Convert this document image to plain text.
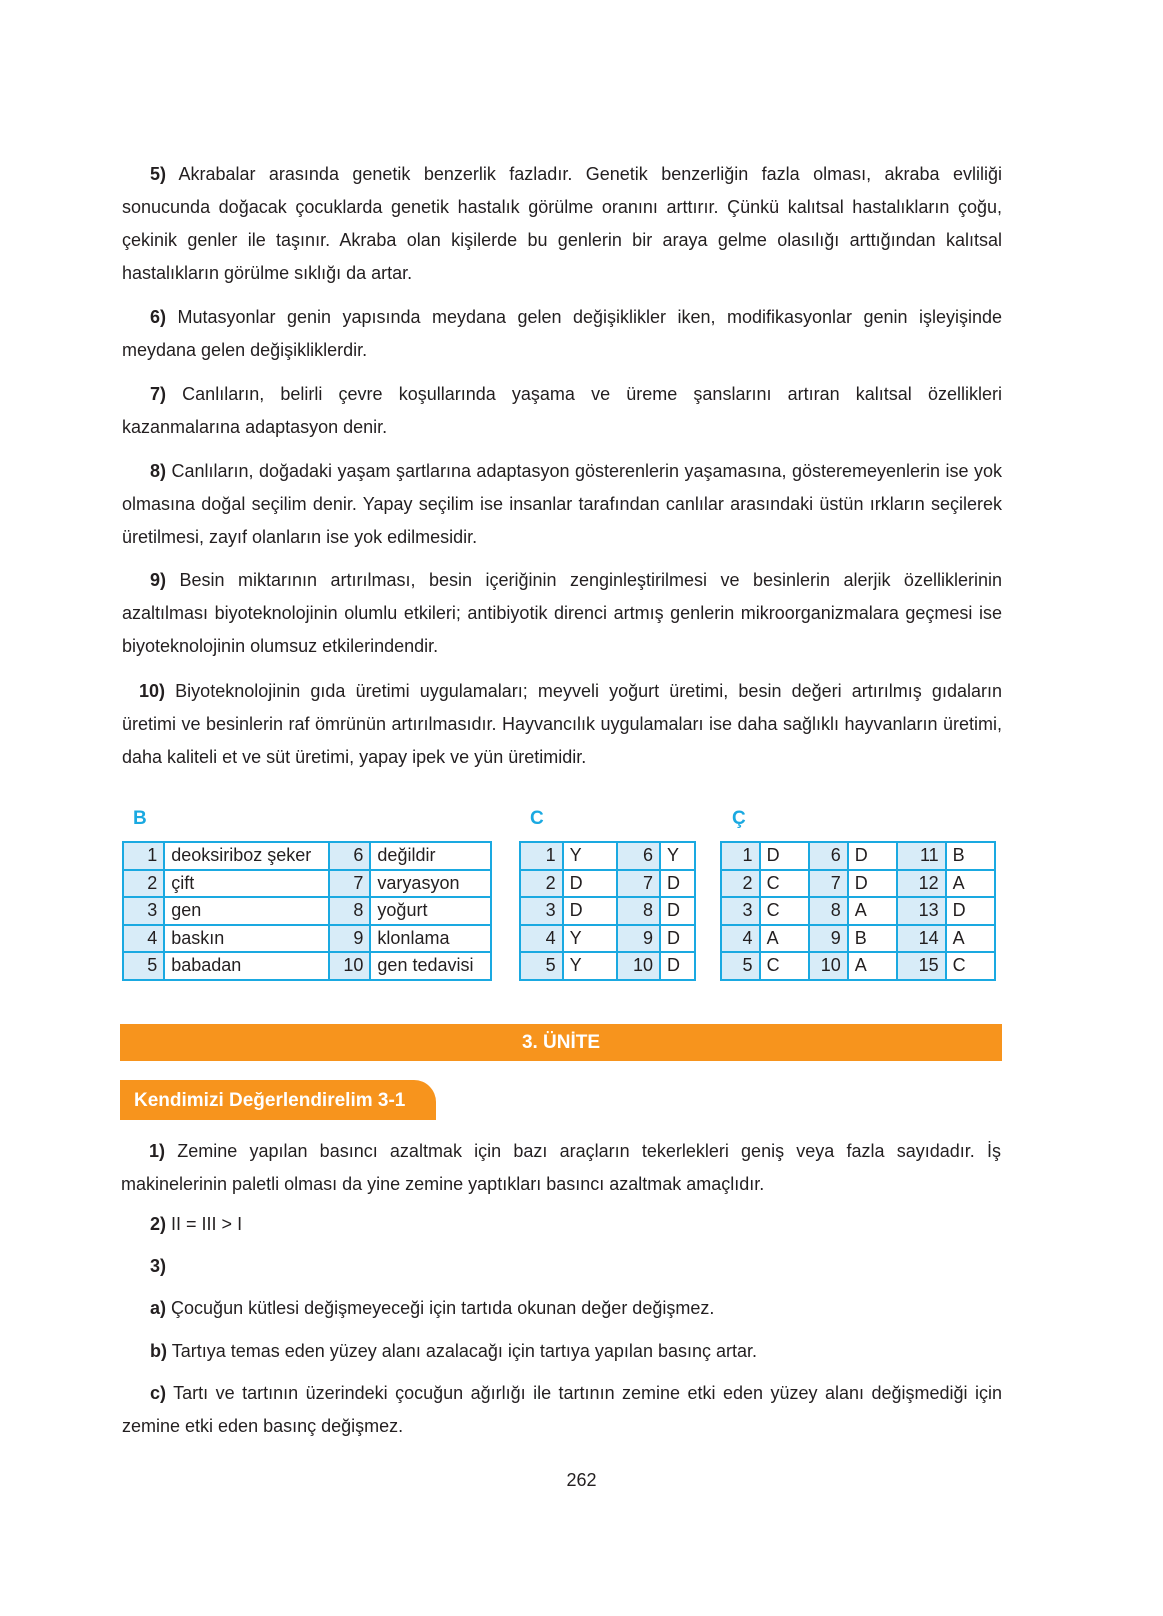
5) Akrabalar arasında genetik benzerlik fazladır. Genetik benzerliğin fazla olması, akraba evliliği sonucunda doğacak çocuklarda genetik hastalık görülme oranını arttırır. Çünkü kalıtsal hastalıkların çoğu, çekinik genler ile taşınır. Akraba olan kişilerde bu genlerin bir araya gelme olasılığı arttığından kalıtsal hastalıkların görülme sıklığı da artar.

6) Mutasyonlar genin yapısında meydana gelen değişiklikler iken, modifikasyonlar genin işleyişinde meydana gelen değişikliklerdir.

7) Canlıların, belirli çevre koşullarında yaşama ve üreme şanslarını artıran kalıtsal özellikleri kazanmalarına adaptasyon denir.

8) Canlıların, doğadaki yaşam şartlarına adaptasyon gösterenlerin yaşamasına, gösteremeyenlerin ise yok olmasına doğal seçilim denir. Yapay seçilim ise insanlar tarafından canlılar arasındaki üstün ırkların seçilerek üretilmesi, zayıf olanların ise yok edilmesidir.

9) Besin miktarının artırılması, besin içeriğinin zenginleştirilmesi ve besinlerin alerjik özelliklerinin azaltılması biyoteknolojinin olumlu etkileri; antibiyotik direnci artmış genlerin mikroorganizmalara geçmesi ise biyoteknolojinin olumsuz etkilerindendir.

10) Biyoteknolojinin gıda üretimi uygulamaları; meyveli yoğurt üretimi, besin değeri artırılmış gıdaların üretimi ve besinlerin raf ömrünün artırılmasıdır. Hayvancılık uygulamaları ise daha sağlıklı hayvanların üretimi, daha kaliteli et ve süt üretimi, yapay ipek ve yün üretimidir.

B	C	Ç
1	deoksiriboz şeker	6	değildir
2	çift	7	varyasyon
3	gen	8	yoğurt
4	baskın	9	klonlama
5	babadan	10	gen tedavisi
1	Y	6	Y
2	D	7	D
3	D	8	D
4	Y	9	D
5	Y	10	D
1	D	6	D	11	B
2	C	7	D	12	A
3	C	8	A	13	D
4	A	9	B	14	A
5	C	10	A	15	C
3. ÜNİTE
Kendimizi Değerlendirelim 3-1

1) Zemine yapılan basıncı azaltmak için bazı araçların tekerlekleri geniş veya fazla sayıdadır. İş makinelerinin paletli olması da yine zemine yaptıkları basıncı azaltmak amaçlıdır.

2) II = III > I

3)

a) Çocuğun kütlesi değişmeyeceği için tartıda okunan değer değişmez.

b) Tartıya temas eden yüzey alanı azalacağı için tartıya yapılan basınç artar.

c) Tartı ve tartının üzerindeki çocuğun ağırlığı ile tartının zemine etki eden yüzey alanı değişmediği için zemine etki eden basınç değişmez.

262
